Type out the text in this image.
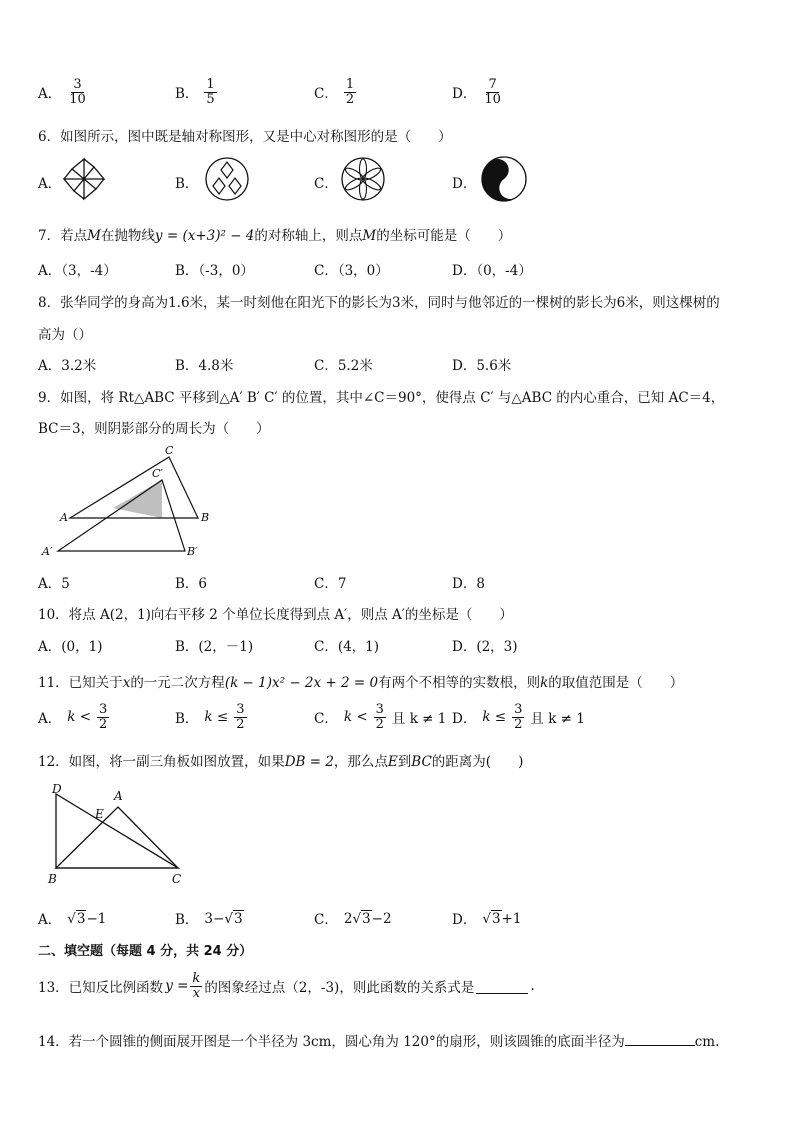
A． $\frac{3}{10}$	B． $\frac{1}{5}$	C． $\frac{1}{2}$	D． $\frac{7}{10}$
6．如图所示，图中既是轴对称图形，又是中心对称图形的是（　　）
A．	B．	C．	D．
7．若点M在抛物线y = (x+3)² − 4的对称轴上，则点M的坐标可能是（　　）
A．（3，-4）	B．（-3，0）	C．（3，0）	D．（0，-4）
8．张华同学的身高为1.6米，某一时刻他在阳光下的影长为3米，同时与他邻近的一棵树的影长为6米，则这棵树的
高为（）
A．3.2米	B．4.8米	C．5.2米	D．5.6米
9．如图，将 Rt△ABC 平移到△A′ B′ C′ 的位置，其中∠C＝90°，使得点 C′ 与△ABC 的内心重合，已知 AC＝4，
BC＝3，则阴影部分的周长为（　　）
A	B
C
C′
A′	B′
A．5	B．6	C．7	D．8
10．将点 A(2，1)向右平移 2 个单位长度得到点 A′，则点 A′的坐标是（　　）
A．(0，1)	B．(2，－1)	C．(4，1)	D．(2，3)
11．已知关于x的一元二次方程(k − 1)x² − 2x + 2 = 0有两个不相等的实数根，则k的取值范围是（　　）
A． $k < \frac{3}{2}$	B． $k \le \frac{3}{2}$	C． $k < \frac{3}{2}$ 且 k ≠ 1 D． $k \le \frac{3}{2}$ 且 k ≠ 1
12．如图，将一副三角板如图放置，如果DB = 2，那么点E到BC的距离为(　　)
D	A
E
B	C
A． √ 3 −1	B． 3−√ 3	C． 2√ 3 −2	D． √ 3 +1
二、填空题（每题 4 分，共 24 分）
13．已知反比例函数 $y = \frac{k}{x}$ 的图象经过点（2，-3)，则此函数的关系式是	.
14．若一个圆锥的侧面展开图是一个半径为 3cm，圆心角为 120°的扇形，则该圆锥的底面半径为	cm.
